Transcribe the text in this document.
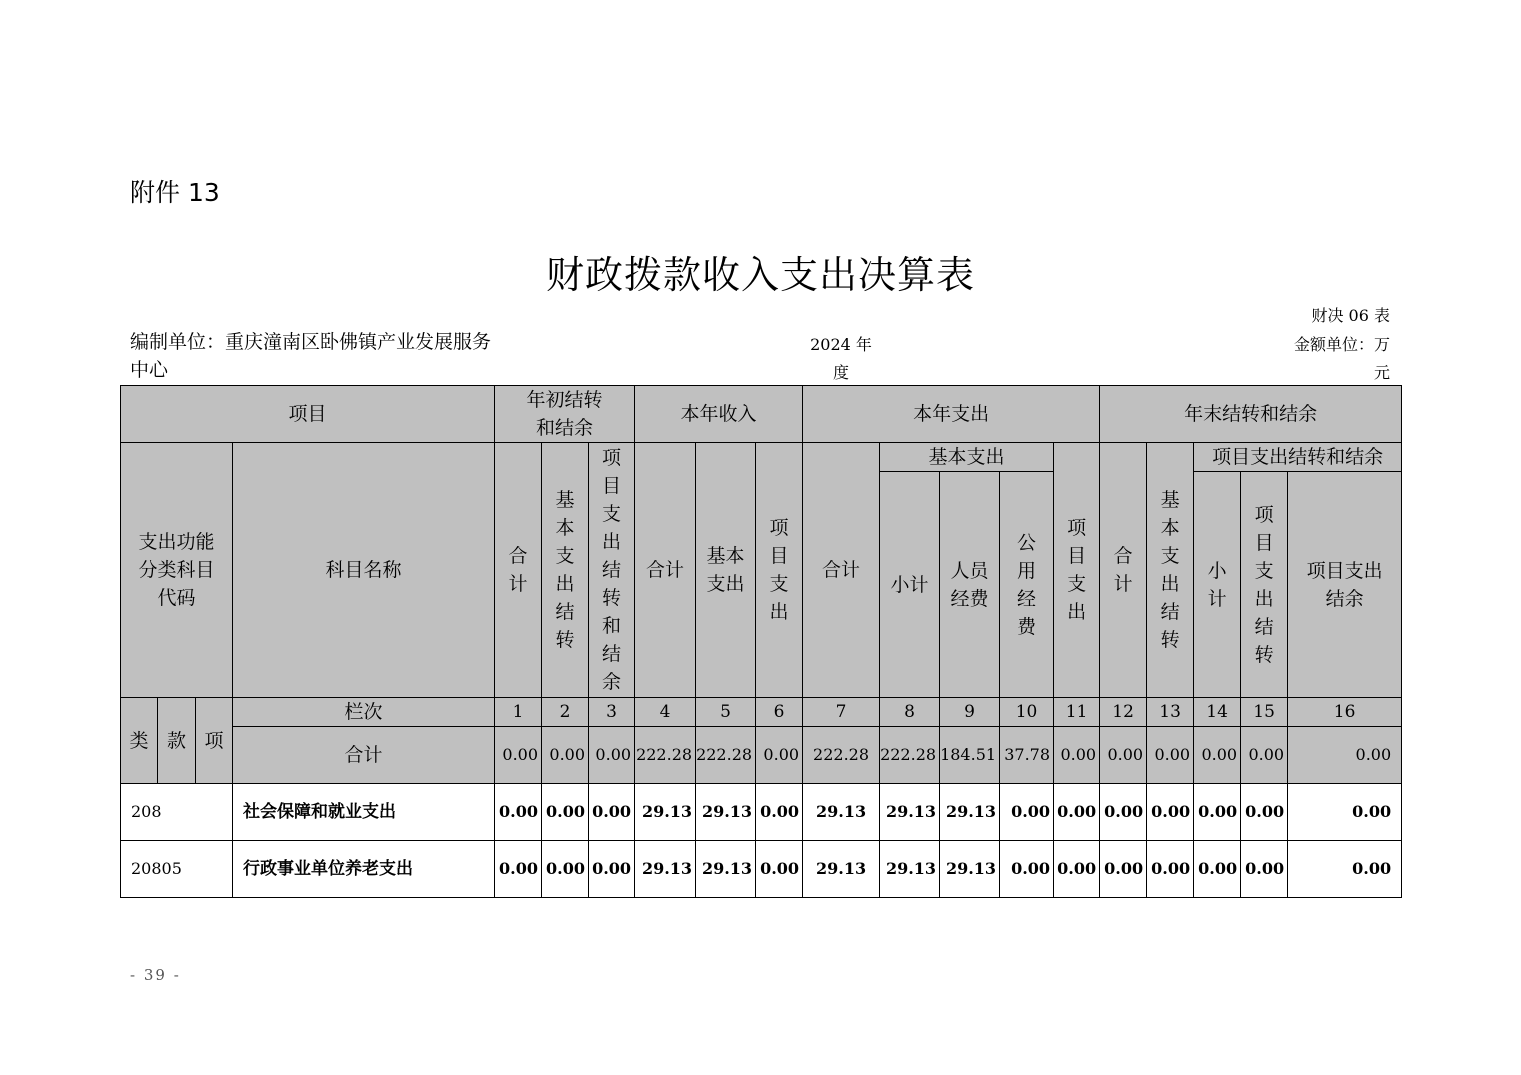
附件 13
财政拨款收入支出决算表
财决 06 表
编制单位：重庆潼南区卧佛镇产业发展服务中心
2024 年度
金额单位：万元
项目				年初结转和结余			本年收入			本年支出					年末结转和结余				
支出功能分类科目代码			科目名称	合计	基本支出结转	项目支出结转和结余	合计	基本支出	项目支出	合计	基本支出			项目支出	合计	基本支出结转	项目支出结转和结余		
											小计	人员经费	公用经费				小计	项目支出结转	项目支出结余
类	款	项	栏次	1	2	3	4	5	6	7	8	9	10	11	12	13	14	15	16
			合计	0.00	0.00	0.00	222.28	222.28	0.00	222.28	222.28	184.51	37.78	0.00	0.00	0.00	0.00	0.00	0.00
208			社会保障和就业支出	0.00	0.00	0.00	29.13	29.13	0.00	29.13	29.13	29.13	0.00	0.00	0.00	0.00	0.00	0.00	0.00
20805			行政事业单位养老支出	0.00	0.00	0.00	29.13	29.13	0.00	29.13	29.13	29.13	0.00	0.00	0.00	0.00	0.00	0.00	0.00
- 39 -
